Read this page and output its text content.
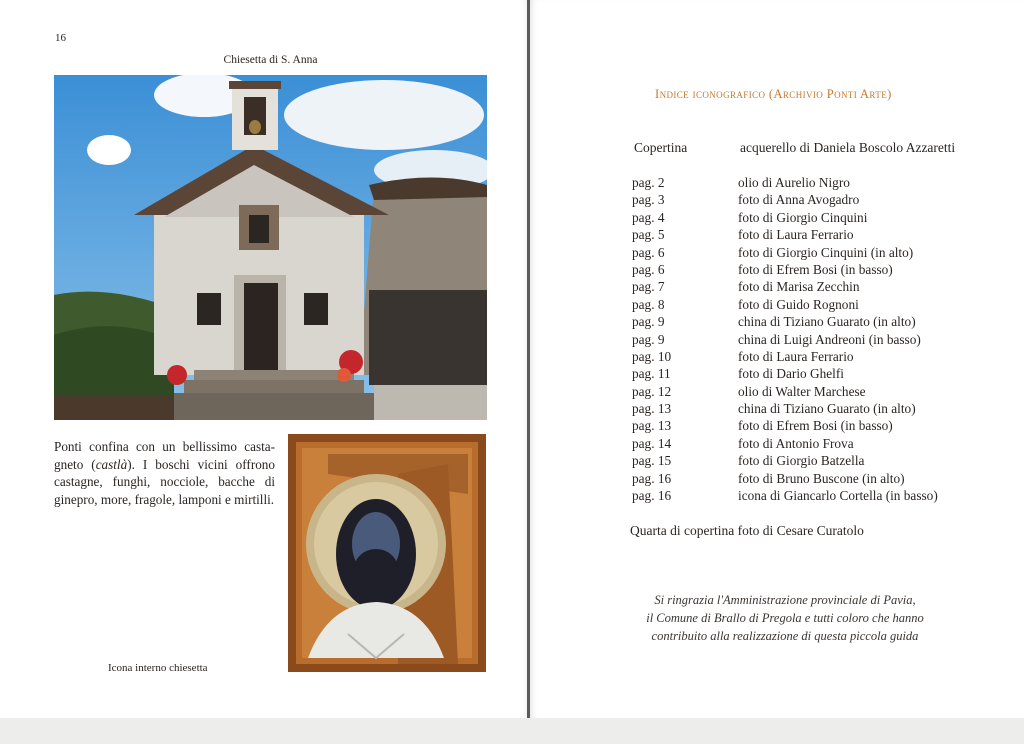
16
Chiesetta di S. Anna
Ponti confina con un bellissimo casta-gneto (castlà). I boschi vicini offrono castagne, funghi, nocciole, bacche di ginepro, more, fragole, lamponi e mirtilli.
Icona interno chiesetta
Indice iconografico (Archivio Ponti Arte)
Copertina	acquerello di Daniela Boscolo Azzaretti
pag. 2	olio di Aurelio Nigro
pag. 3	foto di Anna Avogadro
pag. 4	foto di Giorgio Cinquini
pag. 5	foto di Laura Ferrario
pag. 6	foto di Giorgio Cinquini (in alto)
pag. 6	foto di Efrem Bosi (in basso)
pag. 7	foto di Marisa Zecchin
pag. 8	foto di Guido Rognoni
pag. 9	china di Tiziano Guarato (in alto)
pag. 9	china di Luigi Andreoni (in basso)
pag. 10	foto di Laura Ferrario
pag. 11	foto di Dario Ghelfi
pag. 12	olio di Walter Marchese
pag. 13	china di Tiziano Guarato (in alto)
pag. 13	foto di Efrem Bosi (in basso)
pag. 14	foto di Antonio Frova
pag. 15	foto di Giorgio Batzella
pag. 16	foto di Bruno Buscone (in alto)
pag. 16	icona di Giancarlo Cortella (in basso)
Quarta di copertina foto di Cesare Curatolo
Si ringrazia l'Amministrazione provinciale di Pavia,
il Comune di Brallo di Pregola e tutti coloro che hanno
contribuito alla realizzazione di questa piccola guida
